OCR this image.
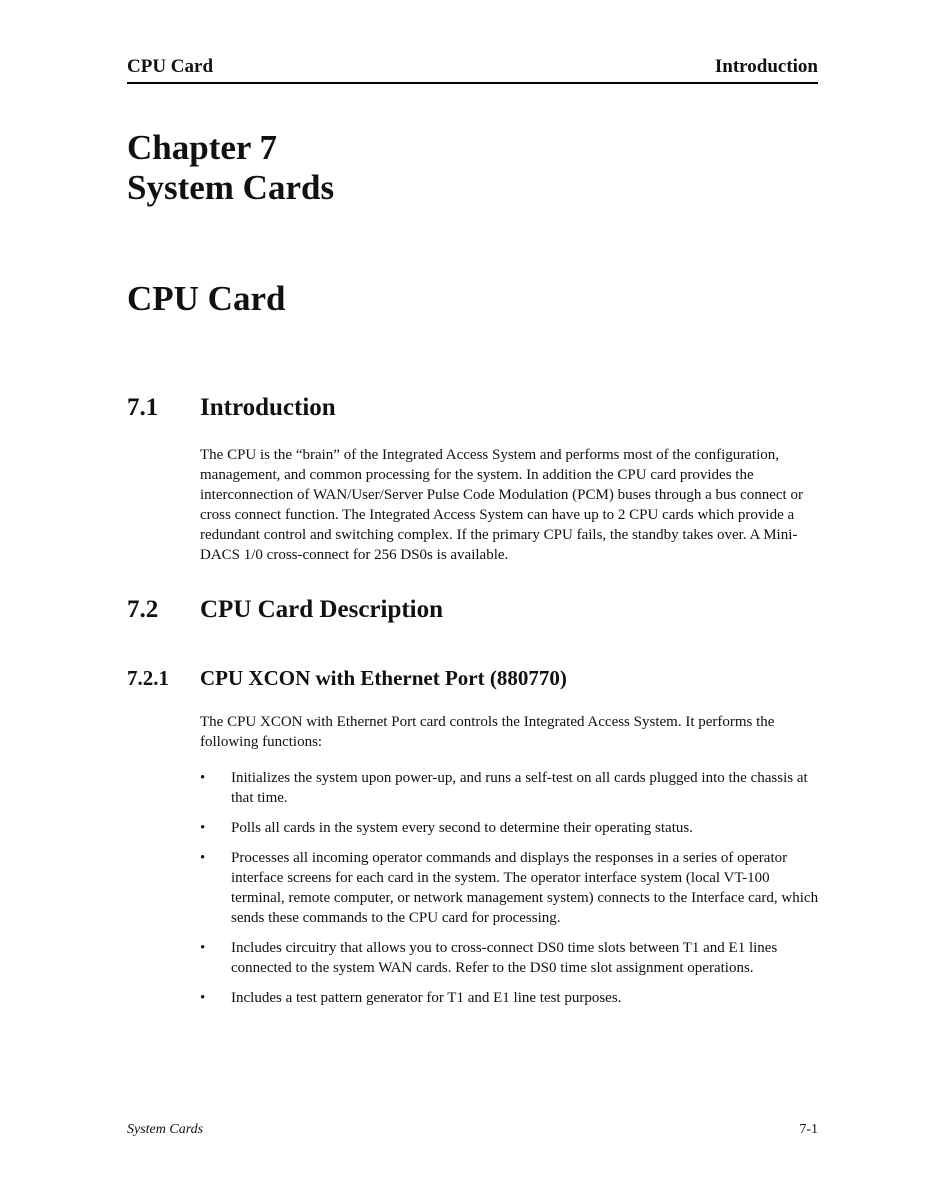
CPU Card	Introduction
Chapter 7
System Cards
CPU Card
7.1 Introduction

The CPU is the “brain” of the Integrated Access System and performs most of the configuration, management, and common processing for the system. In addition the CPU card provides the interconnection of WAN/User/Server Pulse Code Modulation (PCM) buses through a bus connect or cross connect function. The Integrated Access System can have up to 2 CPU cards which provide a redundant control and switching complex. If the primary CPU fails, the standby takes over. A Mini-DACS 1/0 cross-connect for 256 DS0s is available.

7.2 CPU Card Description
7.2.1 CPU XCON with Ethernet Port (880770)

The CPU XCON with Ethernet Port card controls the Integrated Access System. It performs the following functions:

• Initializes the system upon power-up, and runs a self-test on all cards plugged into the chassis at that time.
• Polls all cards in the system every second to determine their operating status.
• Processes all incoming operator commands and displays the responses in a series of operator interface screens for each card in the system. The operator interface system (local VT-100 terminal, remote computer, or network management system) connects to the Interface card, which sends these commands to the CPU card for processing.
• Includes circuitry that allows you to cross-connect DS0 time slots between T1 and E1 lines connected to the system WAN cards. Refer to the DS0 time slot assignment operations.
• Includes a test pattern generator for T1 and E1 line test purposes.
System Cards	7-1
